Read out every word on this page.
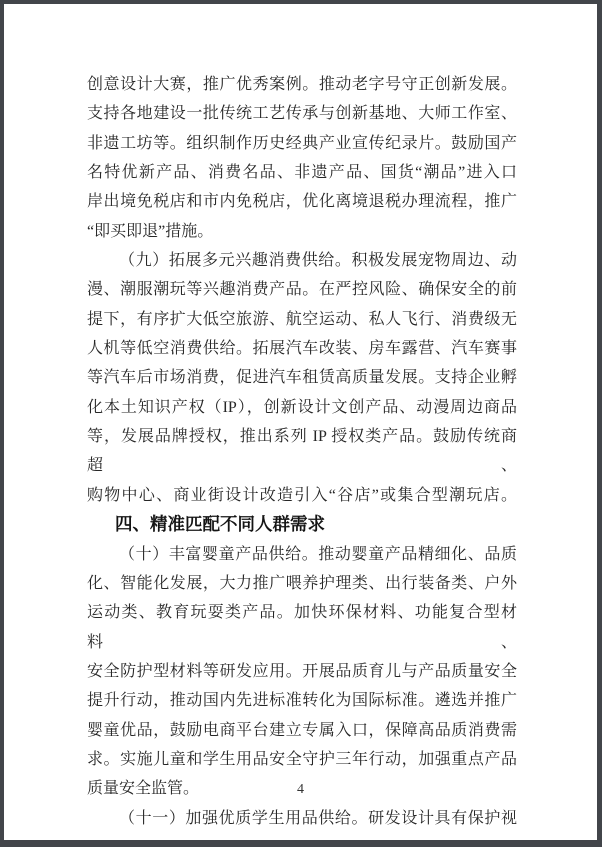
创意设计大赛，推广优秀案例。推动老字号守正创新发展。
支持各地建设一批传统工艺传承与创新基地、大师工作室、
非遗工坊等。组织制作历史经典产业宣传纪录片。鼓励国产
名特优新产品、消费名品、非遗产品、国货“潮品”进入口
岸出境免税店和市内免税店，优化离境退税办理流程，推广
“即买即退”措施。
（九）拓展多元兴趣消费供给。积极发展宠物周边、动
漫、潮服潮玩等兴趣消费产品。在严控风险、确保安全的前
提下，有序扩大低空旅游、航空运动、私人飞行、消费级无
人机等低空消费供给。拓展汽车改装、房车露营、汽车赛事
等汽车后市场消费，促进汽车租赁高质量发展。支持企业孵
化本土知识产权（IP），创新设计文创产品、动漫周边商品
等，发展品牌授权，推出系列 IP 授权类产品。鼓励传统商超、
购物中心、商业街设计改造引入“谷店”或集合型潮玩店。
四、精准匹配不同人群需求
（十）丰富婴童产品供给。推动婴童产品精细化、品质
化、智能化发展，大力推广喂养护理类、出行装备类、户外
运动类、教育玩耍类产品。加快环保材料、功能复合型材料、
安全防护型材料等研发应用。开展品质育儿与产品质量安全
提升行动，推动国内先进标准转化为国际标准。遴选并推广
婴童优品，鼓励电商平台建立专属入口，保障高品质消费需
求。实施儿童和学生用品安全守护三年行动，加强重点产品
质量安全监管。
（十一）加强优质学生用品供给。研发设计具有保护视
4
